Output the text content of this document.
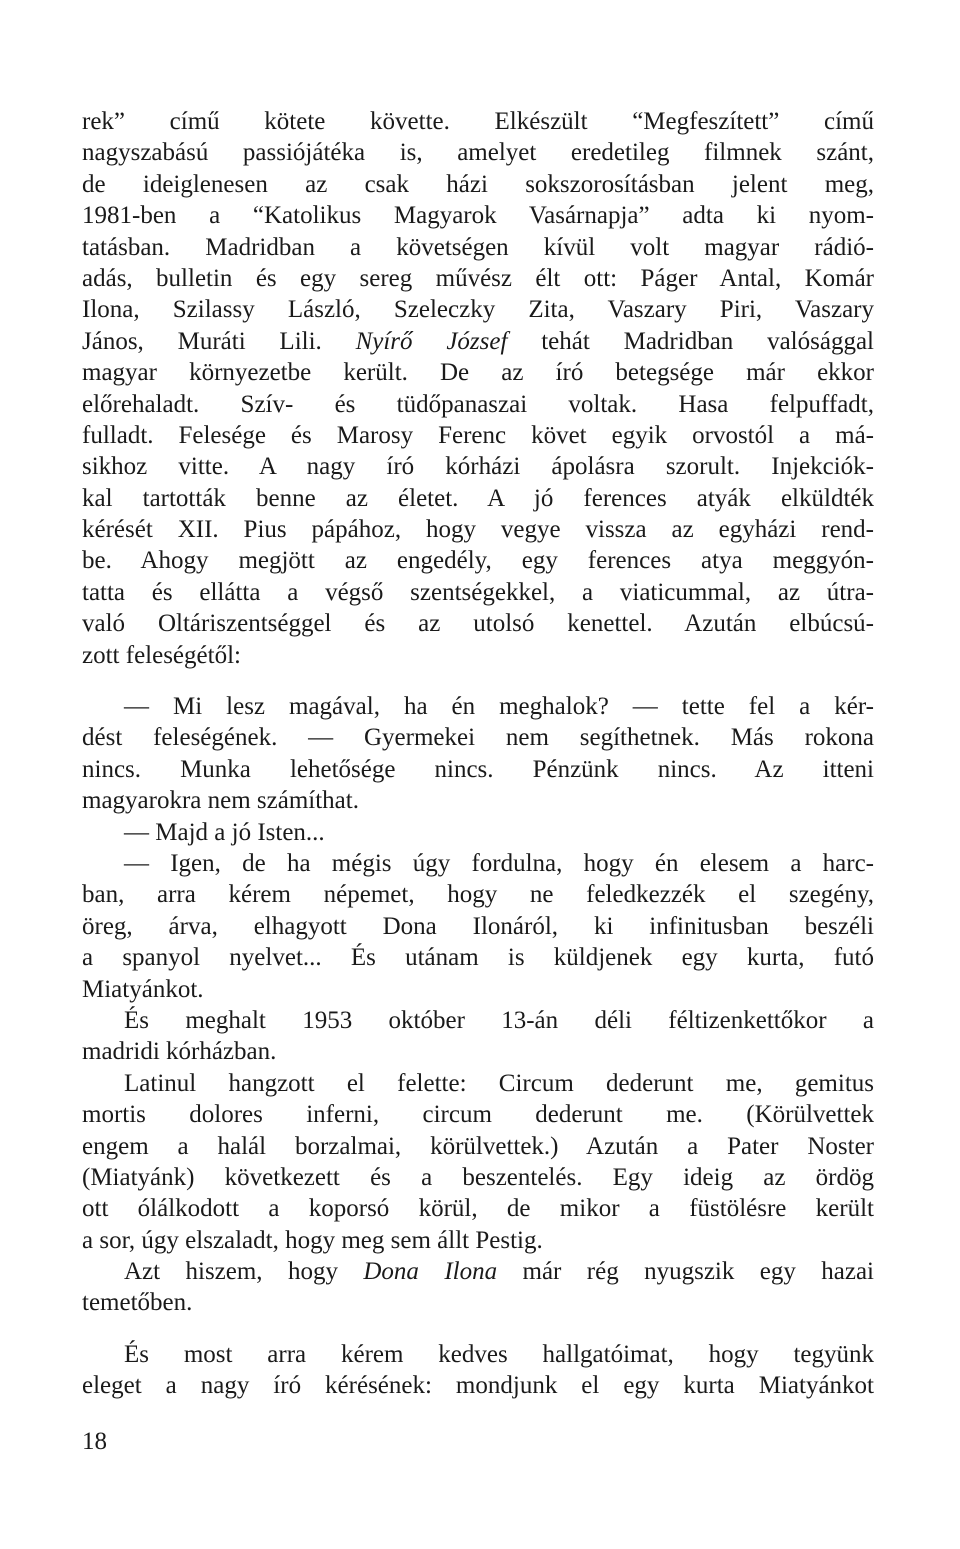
rek” című kötete követte. Elkészült “Megfeszített” című
nagyszabású passiójátéka is, amelyet eredetileg filmnek szánt,
de ideiglenesen az csak házi sokszorosításban jelent meg,
1981-ben a “Katolikus Magyarok Vasárnapja” adta ki nyom-
tatásban. Madridban a követségen kívül volt magyar rádió-
adás, bulletin és egy sereg művész élt ott: Páger Antal, Komár
Ilona, Szilassy László, Szeleczky Zita, Vaszary Piri, Vaszary
János, Muráti Lili. Nyírő József tehát Madridban valósággal
magyar környezetbe került. De az író betegsége már ekkor
előrehaladt. Szív- és tüdőpanaszai voltak. Hasa felpuffadt,
fulladt. Felesége és Marosy Ferenc követ egyik orvostól a má-
sikhoz vitte. A nagy író kórházi ápolásra szorult. Injekciók-
kal tartották benne az életet. A jó ferences atyák elküldték
kérését XII. Pius pápához, hogy vegye vissza az egyházi rend-
be. Ahogy megjött az engedély, egy ferences atya meggyón-
tatta és ellátta a végső szentségekkel, a viaticummal, az útra-
való Oltáriszentséggel és az utolsó kenettel. Azután elbúcsú-
zott feleségétől:
— Mi lesz magával, ha én meghalok? — tette fel a kér-
dést feleségének. — Gyermekei nem segíthetnek. Más rokona
nincs. Munka lehetősége nincs. Pénzünk nincs. Az itteni
magyarokra nem számíthat.
— Majd a jó Isten...
— Igen, de ha mégis úgy fordulna, hogy én elesem a harc-
ban, arra kérem népemet, hogy ne feledkezzék el szegény,
öreg, árva, elhagyott Dona Ilonáról, ki infinitusban beszéli
a spanyol nyelvet... És utánam is küldjenek egy kurta, futó
Miatyánkot.
És meghalt 1953 október 13-án déli féltizenkettőkor a
madridi kórházban.
Latinul hangzott el felette: Circum dederunt me, gemitus
mortis dolores inferni, circum dederunt me. (Körülvettek
engem a halál borzalmai, körülvettek.) Azután a Pater Noster
(Miatyánk) következett és a beszentelés. Egy ideig az ördög
ott ólálkodott a koporsó körül, de mikor a füstölésre került
a sor, úgy elszaladt, hogy meg sem állt Pestig.
Azt hiszem, hogy Dona Ilona már rég nyugszik egy hazai
temetőben.
És most arra kérem kedves hallgatóimat, hogy tegyünk
eleget a nagy író kérésének: mondjunk el egy kurta Miatyánkot
18
